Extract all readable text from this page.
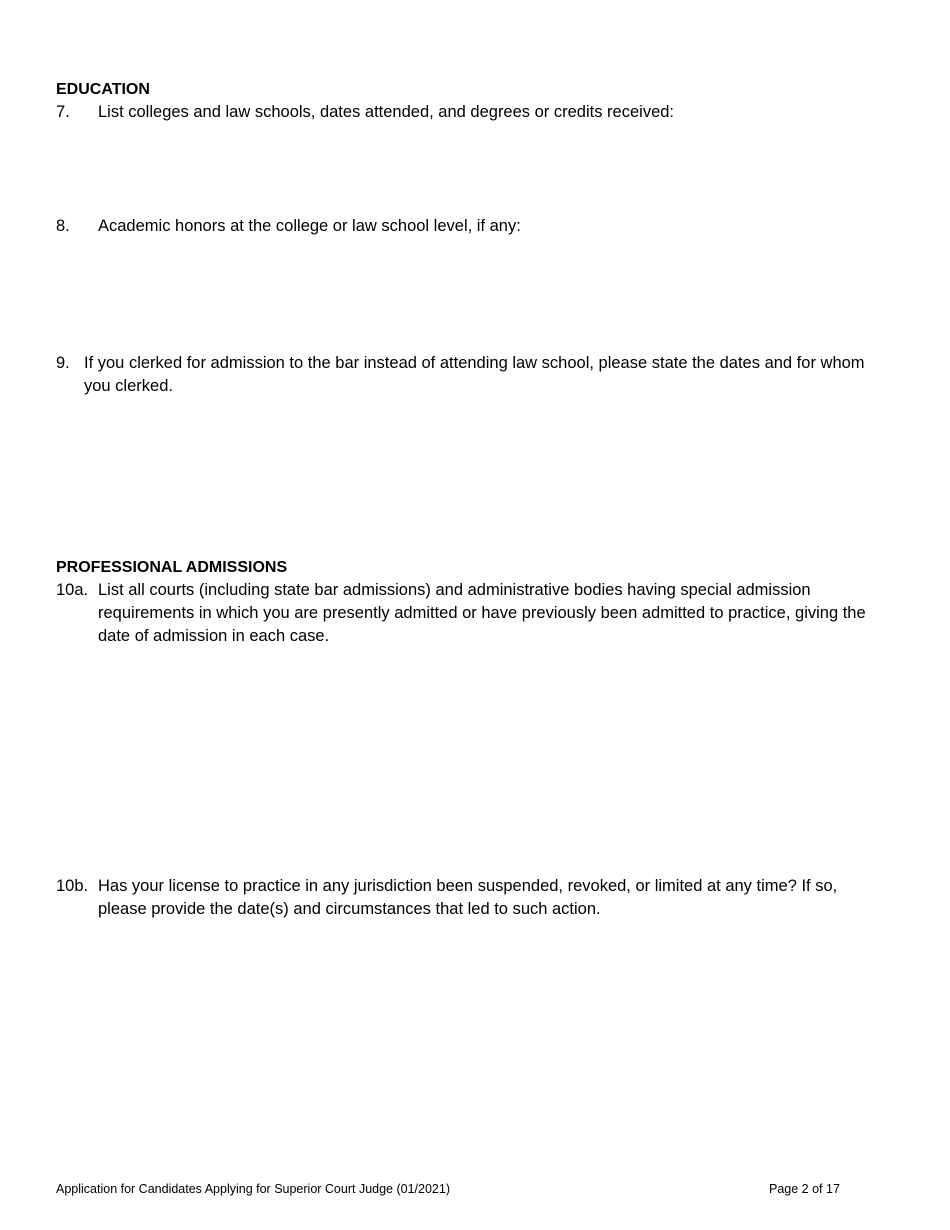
EDUCATION
7.	List colleges and law schools, dates attended, and degrees or credits received:
8.	Academic honors at the college or law school level, if any:
9. If you clerked for admission to the bar instead of attending law school, please state the dates and for whom you clerked.
PROFESSIONAL ADMISSIONS
10a. List all courts (including state bar admissions) and administrative bodies having special admission requirements in which you are presently admitted or have previously been admitted to practice, giving the date of admission in each case.
10b. Has your license to practice in any jurisdiction been suspended, revoked, or limited at any time? If so, please provide the date(s) and circumstances that led to such action.
Application for Candidates Applying for Superior Court Judge (01/2021)	Page 2 of 17
